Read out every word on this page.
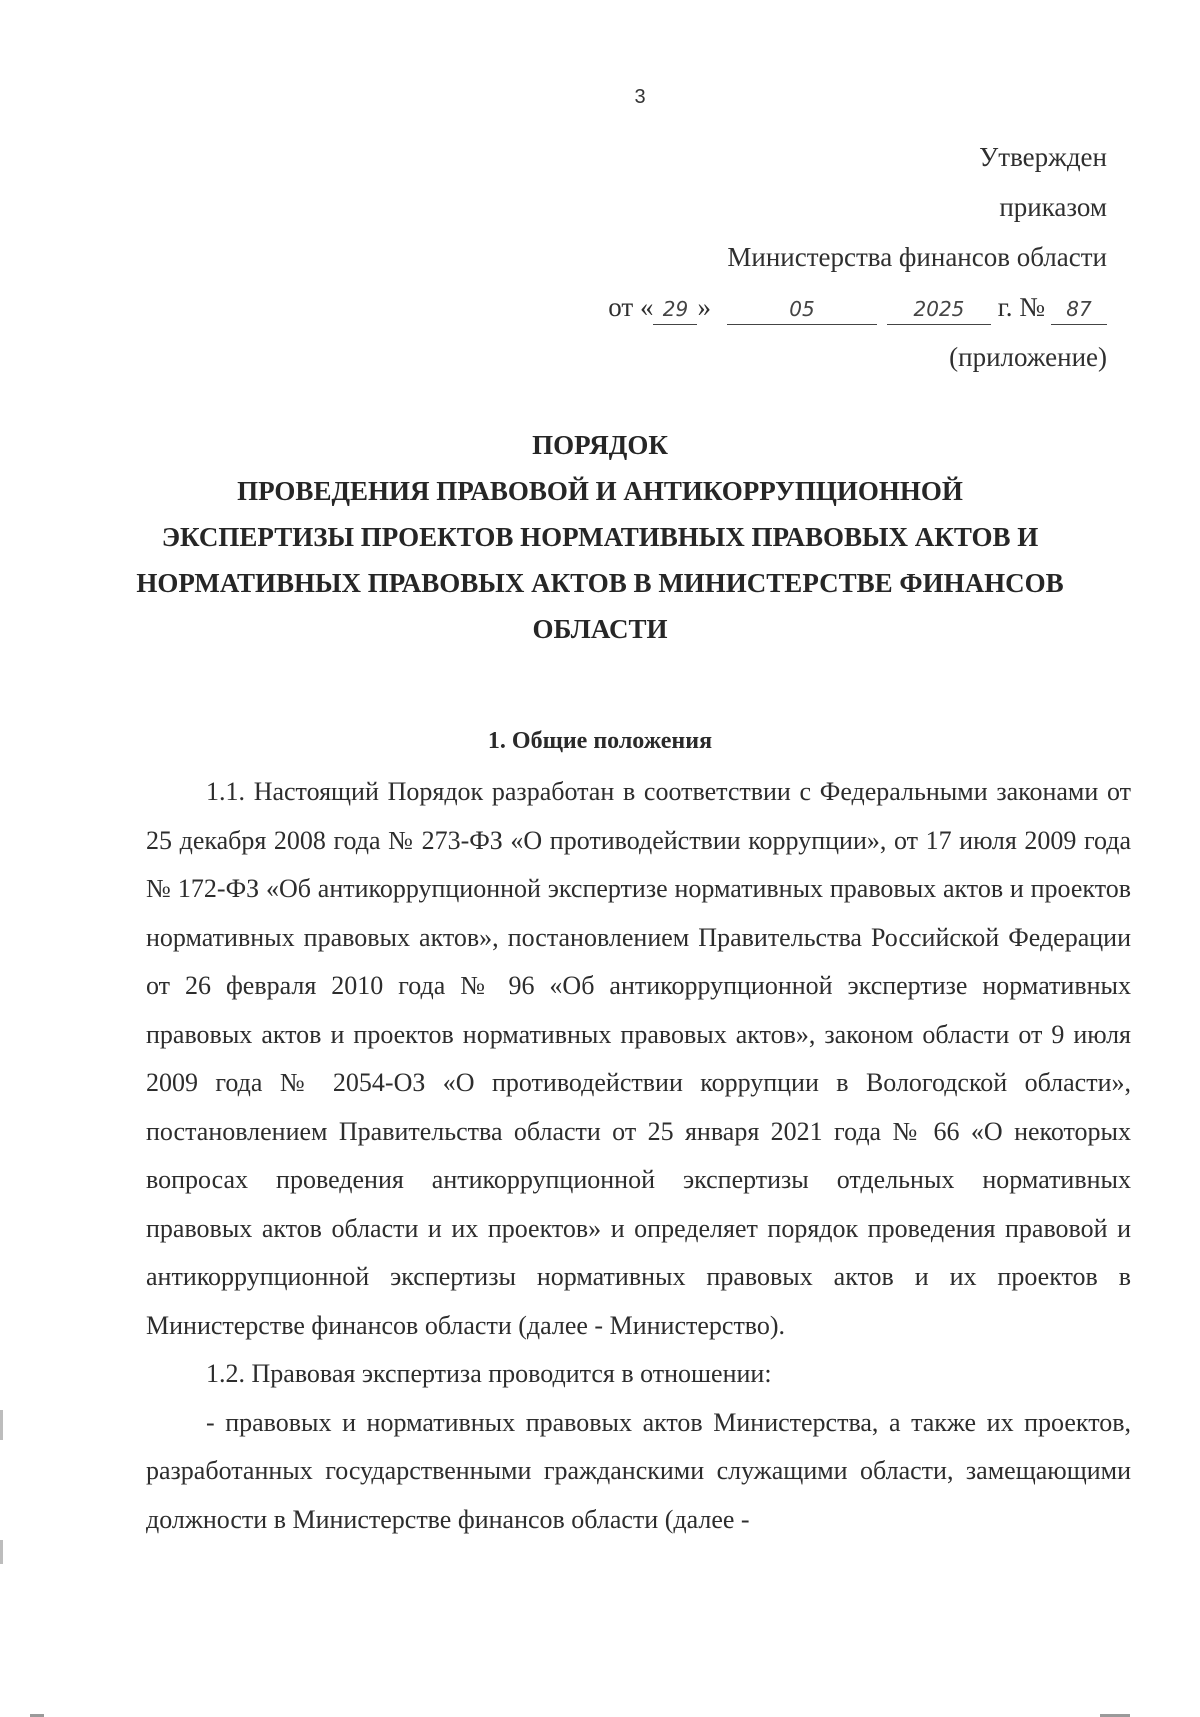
3
Утвержден
приказом
Министерства финансов области
от « 29 »	05	2025 г. № 87
(приложение)
ПОРЯДОК
ПРОВЕДЕНИЯ ПРАВОВОЙ И АНТИКОРРУПЦИОННОЙ
ЭКСПЕРТИЗЫ ПРОЕКТОВ НОРМАТИВНЫХ ПРАВОВЫХ АКТОВ И
НОРМАТИВНЫХ ПРАВОВЫХ АКТОВ В МИНИСТЕРСТВЕ ФИНАНСОВ
ОБЛАСТИ
1. Общие положения

1.1. Настоящий Порядок разработан в соответствии с Федеральными законами от 25 декабря 2008 года № 273-ФЗ «О противодействии коррупции», от 17 июля 2009 года № 172-ФЗ «Об антикоррупционной экспертизе нормативных правовых актов и проектов нормативных правовых актов», постановлением Правительства Российской Федерации от 26 февраля 2010 года № 96 «Об антикоррупционной экспертизе нормативных правовых актов и проектов нормативных правовых актов», законом области от 9 июля 2009 года № 2054-ОЗ «О противодействии коррупции в Вологодской области», постановлением Правительства области от 25 января 2021 года № 66 «О некоторых вопросах проведения антикоррупционной экспертизы отдельных нормативных правовых актов области и их проектов» и определяет порядок проведения правовой и антикоррупционной экспертизы нормативных правовых актов и их проектов в Министерстве финансов области (далее - Министерство).

1.2. Правовая экспертиза проводится в отношении:

- правовых и нормативных правовых актов Министерства, а также их проектов, разработанных государственными гражданскими служащими области, замещающими должности в Министерстве финансов области (далее -
